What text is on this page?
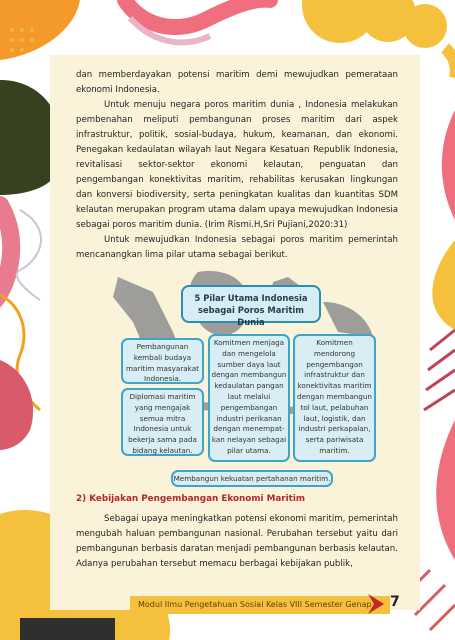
dan memberdayakan potensi maritim demi mewujudkan pemerataan ekonomi Indonesia.

Untuk menuju negara poros maritim dunia , Indonesia melakukan pembenahan meliputi pembangunan proses maritim dari aspek infrastruktur, politik, sosial-budaya, hukum, keamanan, dan ekonomi. Penegakan kedaulatan wilayah laut Negara Kesatuan Republik Indonesia, revitalisasi sektor-sektor ekonomi kelautan, penguatan dan pengembangan konektivitas maritim, rehabilitas kerusakan lingkungan dan konversi biodiversity, serta peningkatan kualitas dan kuantitas SDM kelautan merupakan program utama dalam upaya mewujudkan Indonesia sebagai poros maritim dunia. (Irim Rismi.H,Sri Pujiani,2020:31)

Untuk mewujudkan Indonesia sebagai poros maritim pemerintah mencanangkan lima pilar utama sebagai berikut.

5 Pilar Utama Indonesia
sebagai Poros Maritim Dunia
Pembangunan kembali budaya maritim masyarakat Indonesia.
Diplomasi maritim yang mengajak semua mitra Indonesia untuk bekerja sama pada bidang kelautan.
Komitmen menjaga dan mengelola sumber daya laut dengan membangun kedaulatan pangan laut melalui pengembangan industri perikanan dengan menempat-kan nelayan sebagai pilar utama.
Komitmen mendorong pengembangan infrastruktur dan konektivitas maritim dengan membangun tol laut, pelabuhan laut, logistik, dan industri perkapalan, serta pariwisata maritim.
Membangun kekuatan pertahanan maritim.
2) Kebijakan Pengembangan Ekonomi Maritim

Sebagai upaya meningkatkan potensi ekonomi maritim, pemerintah mengubah haluan pembangunan nasional. Perubahan tersebut yaitu dari pembangunan berbasis daratan menjadi pembangunan berbasis kelautan. Adanya perubahan tersebut memacu berbagai kebijakan publik,

Modul Ilmu Pengetahuan Sosial Kelas VIII Semester Genap 7
